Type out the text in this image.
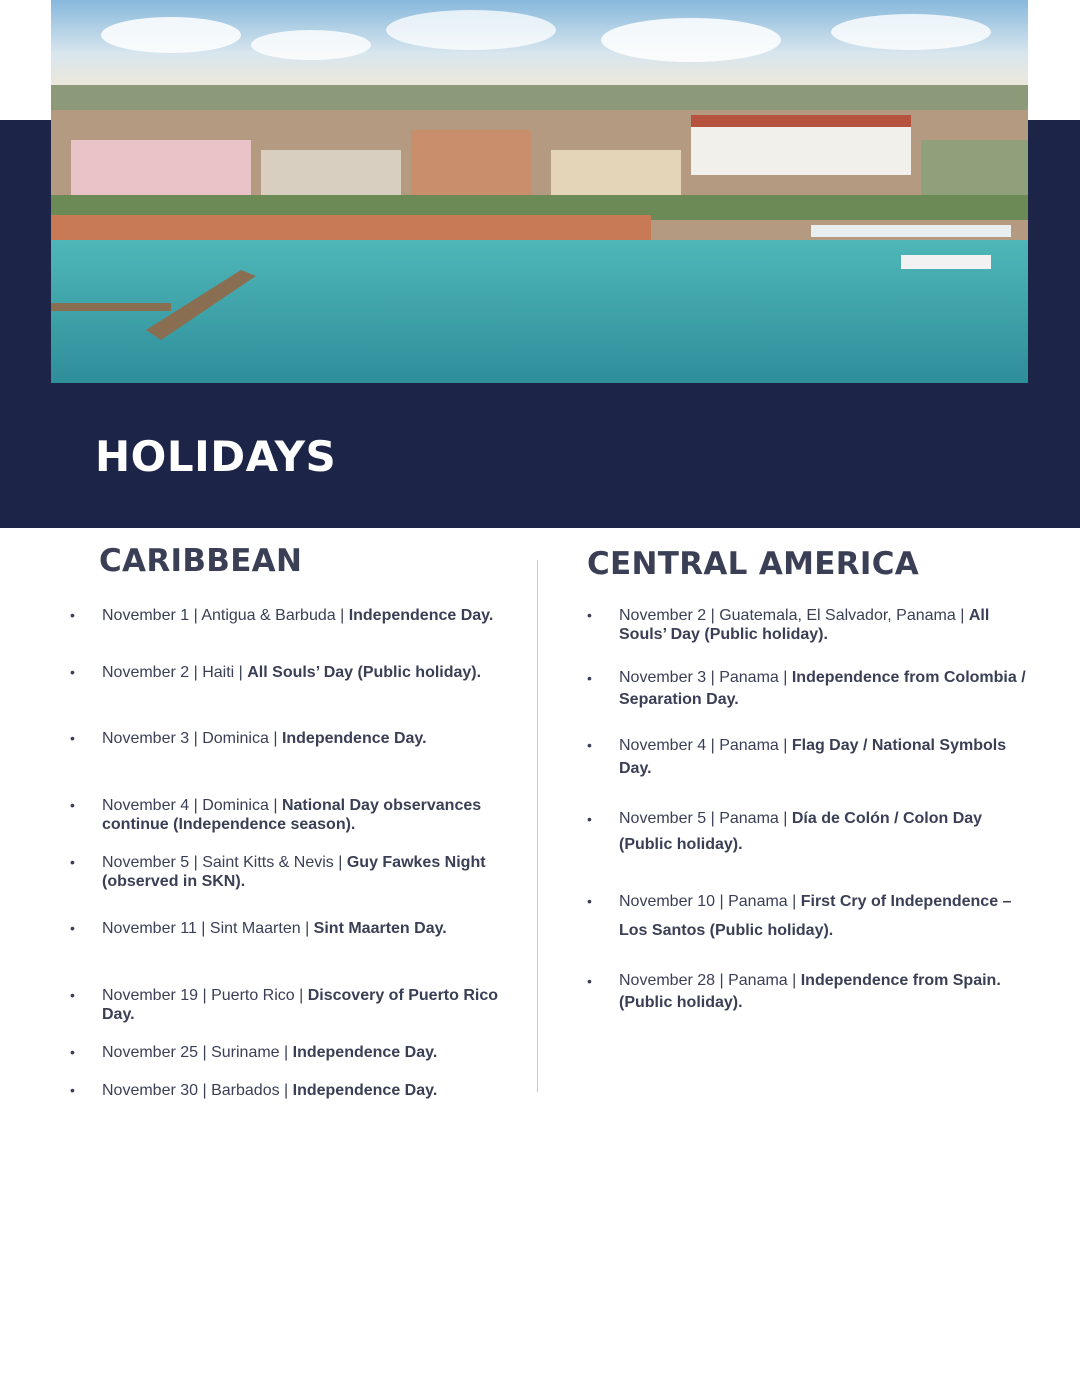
HOLIDAYS
CARIBBEAN	CENTRAL AMERICA
• November 1 | Antigua & Barbuda | Independence Day.
• November 2 | Haiti | All Souls’ Day (Public holiday).
• November 3 | Dominica | Independence Day.
• November 4 | Dominica | National Day observances continue (Independence season).
• November 5 | Saint Kitts & Nevis | Guy Fawkes Night (observed in SKN).
• November 11 | Sint Maarten | Sint Maarten Day.
• November 19 | Puerto Rico | Discovery of Puerto Rico Day.
• November 25 | Suriname | Independence Day.
• November 30 | Barbados | Independence Day.
• November 2 | Guatemala, El Salvador, Panama | All Souls’ Day (Public holiday).
• November 3 | Panama | Independence from Colombia / Separation Day.
• November 4 | Panama | Flag Day / National Symbols Day.
• November 5 | Panama | Día de Colón / Colon Day (Public holiday).
• November 10 | Panama | First Cry of Independence – Los Santos (Public holiday).
• November 28 | Panama | Independence from Spain. (Public holiday).
